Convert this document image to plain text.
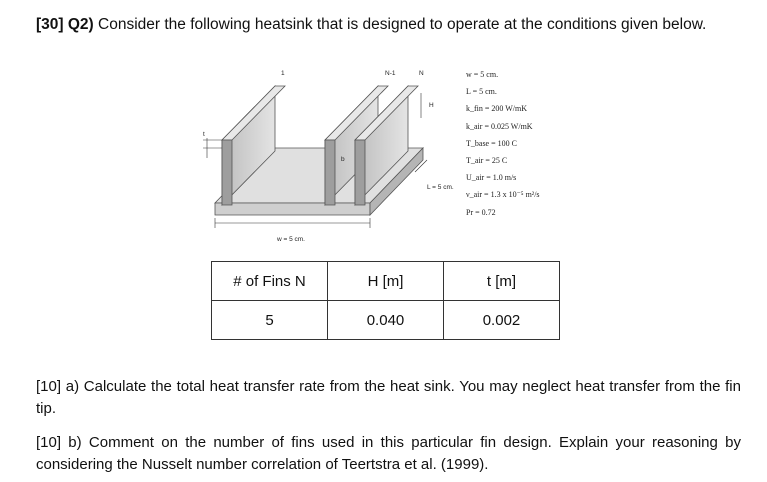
[30] Q2) Consider the following heatsink that is designed to operate at the conditions given below.
1	N-1	N
H
t
b
L = 5 cm.
w = 5 cm.
w = 5 cm.
L = 5 cm.
k_fin = 200 W/mK
k_air = 0.025 W/mK
T_base = 100 C
T_air = 25 C
U_air = 1.0 m/s
ν_air = 1.3 x 10⁻⁵ m²/s
Pr = 0.72
# of Fins N	H [m]	t [m]
5	0.040	0.002
[10] a) Calculate the total heat transfer rate from the heat sink. You may neglect heat transfer from the fin tip.
[10] b) Comment on the number of fins used in this particular fin design. Explain your reasoning by considering the Nusselt number correlation of Teertstra et al. (1999).
